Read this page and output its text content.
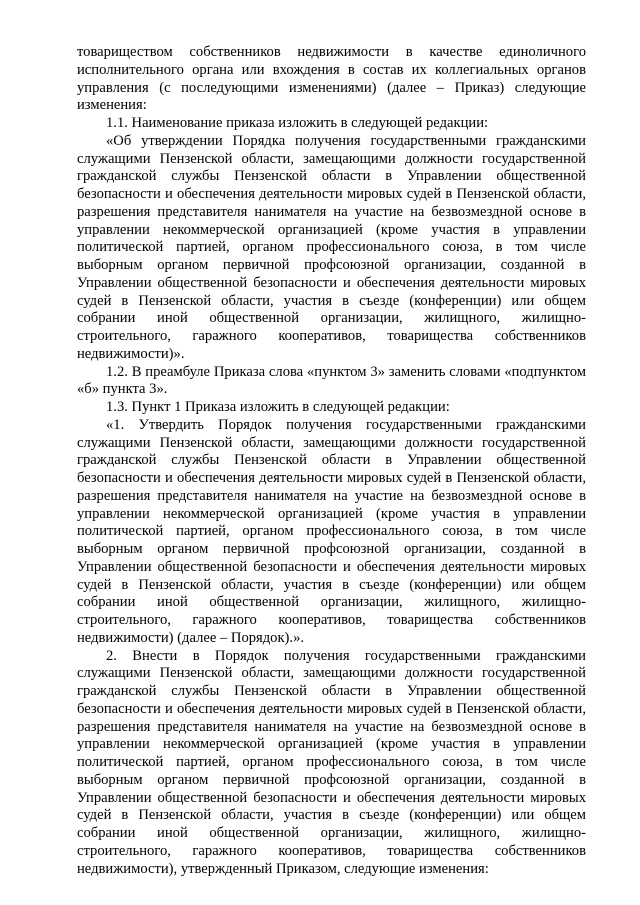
товариществом собственников недвижимости в качестве единоличного исполнительного органа или вхождения в состав их коллегиальных органов управления (с последующими изменениями) (далее – Приказ) следующие изменения:

1.1. Наименование приказа изложить в следующей редакции:

«Об утверждении Порядка получения государственными гражданскими служащими Пензенской области, замещающими должности государственной гражданской службы Пензенской области в Управлении общественной безопасности и обеспечения деятельности мировых судей в Пензенской области, разрешения представителя нанимателя на участие на безвозмездной основе в управлении некоммерческой организацией (кроме участия в управлении политической партией, органом профессионального союза, в том числе выборным органом первичной профсоюзной организации, созданной в Управлении общественной безопасности и обеспечения деятельности мировых судей в Пензенской области, участия в съезде (конференции) или общем собрании иной общественной организации, жилищного, жилищно-строительного, гаражного кооперативов, товарищества собственников недвижимости)».

1.2. В преамбуле Приказа слова «пунктом 3» заменить словами «подпунктом «б» пункта 3».

1.3. Пункт 1 Приказа изложить в следующей редакции:

«1. Утвердить Порядок получения государственными гражданскими служащими Пензенской области, замещающими должности государственной гражданской службы Пензенской области в Управлении общественной безопасности и обеспечения деятельности мировых судей в Пензенской области, разрешения представителя нанимателя на участие на безвозмездной основе в управлении некоммерческой организацией (кроме участия в управлении политической партией, органом профессионального союза, в том числе выборным органом первичной профсоюзной организации, созданной в Управлении общественной безопасности и обеспечения деятельности мировых судей в Пензенской области, участия в съезде (конференции) или общем собрании иной общественной организации, жилищного, жилищно-строительного, гаражного кооперативов, товарищества собственников недвижимости) (далее – Порядок).».

2. Внести в Порядок получения государственными гражданскими служащими Пензенской области, замещающими должности государственной гражданской службы Пензенской области в Управлении общественной безопасности и обеспечения деятельности мировых судей в Пензенской области, разрешения представителя нанимателя на участие на безвозмездной основе в управлении некоммерческой организацией (кроме участия в управлении политической партией, органом профессионального союза, в том числе выборным органом первичной профсоюзной организации, созданной в Управлении общественной безопасности и обеспечения деятельности мировых судей в Пензенской области, участия в съезде (конференции) или общем собрании иной общественной организации, жилищного, жилищно-строительного, гаражного кооперативов, товарищества собственников недвижимости), утвержденный Приказом, следующие изменения:
